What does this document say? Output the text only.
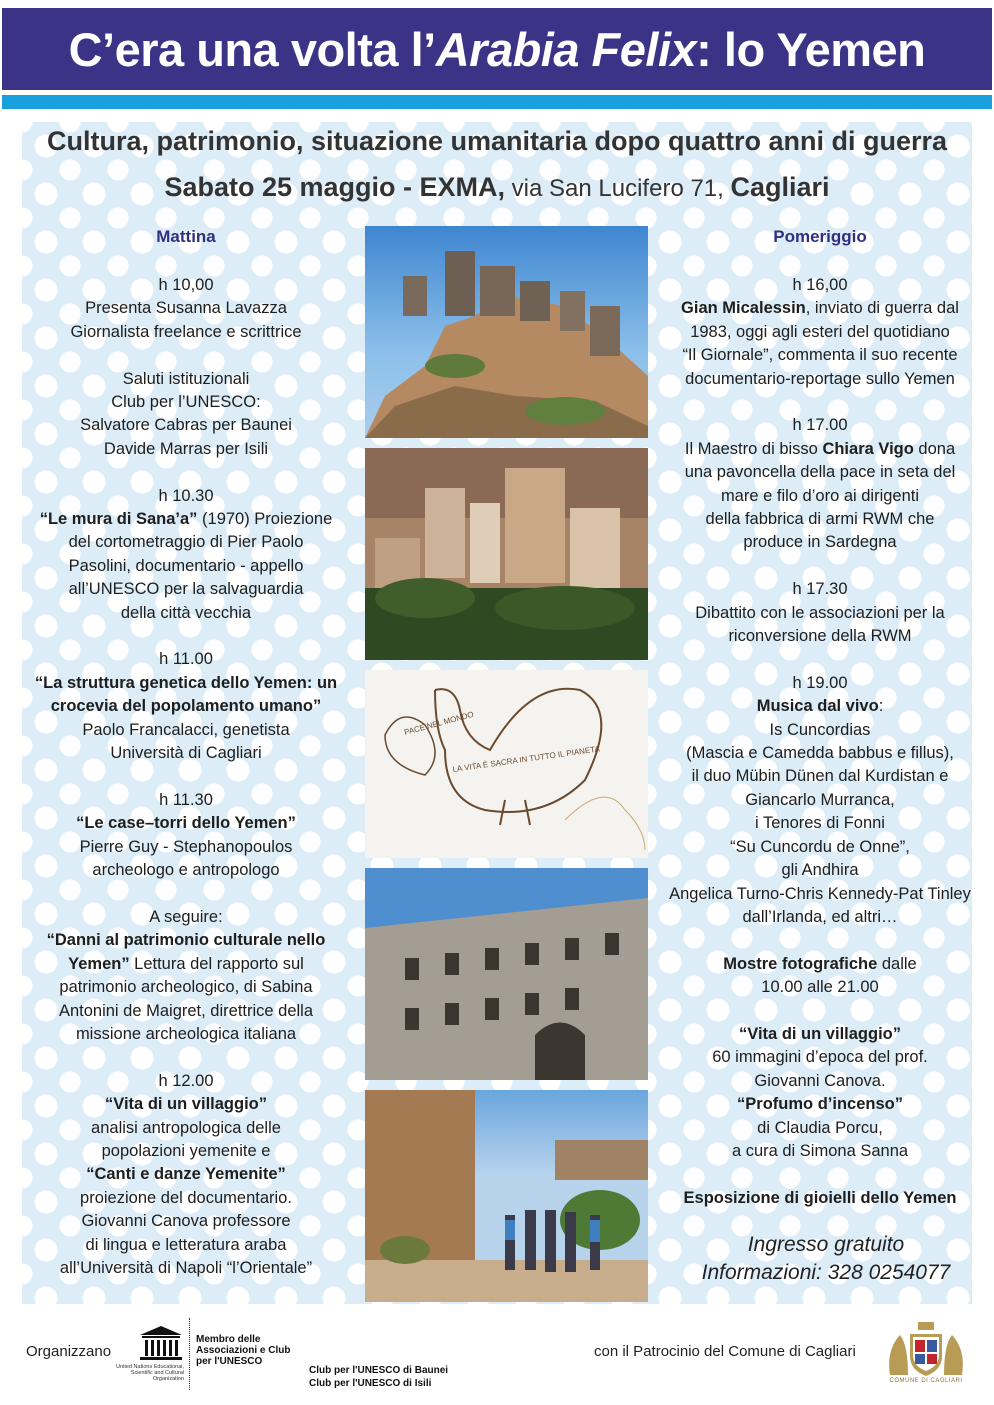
C’era una volta l’ Arabia Felix : lo Yemen
Cultura, patrimonio, situazione umanitaria dopo quattro anni di guerra
Sabato 25 maggio - EXMA, via San Lucifero 71, Cagliari
Mattina	Pomeriggio
h 10,00
Presenta Susanna Lavazza
Giornalista freelance e scrittrice
Saluti istituzionali
Club per l’UNESCO:
Salvatore Cabras per Baunei
Davide Marras per Isili
h 10.30
“Le mura di Sana’a” (1970) Proiezione
del cortometraggio di Pier Paolo
Pasolini, documentario - appello
all’UNESCO per la salvaguardia
della città vecchia
h 11.00
“La struttura genetica dello Yemen: un
crocevia del popolamento umano”
Paolo Francalacci, genetista
Università di Cagliari
h 11.30
“Le case–torri dello Yemen”
Pierre Guy - Stephanopoulos
archeologo e antropologo
A seguire:
“Danni al patrimonio culturale nello
Yemen” Lettura del rapporto sul
patrimonio archeologico, di Sabina
Antonini de Maigret, direttrice della
missione archeologica italiana
h 12.00
“Vita di un villaggio”
analisi antropologica delle
popolazioni yemenite e
“Canti e danze Yemenite”
proiezione del documentario.
Giovanni Canova professore
di lingua e letteratura araba
all’Università di Napoli “l’Orientale”
h 16,00
Gian Micalessin, inviato di guerra dal
1983, oggi agli esteri del quotidiano
“Il Giornale”, commenta il suo recente
documentario-reportage sullo Yemen
h 17.00
Il Maestro di bisso Chiara Vigo dona
una pavoncella della pace in seta del
mare e filo d’oro ai dirigenti
della fabbrica di armi RWM che
produce in Sardegna
h 17.30
Dibattito con le associazioni per la
riconversione della RWM
h 19.00
Musica dal vivo:
Is Cuncordias
(Mascia e Camedda babbus e fillus),
il duo Mübin Dünen dal Kurdistan e
Giancarlo Murranca,
i Tenores di Fonni
“Su Cuncordu de Onne”,
gli Andhira
Angelica Turno-Chris Kennedy-Pat Tinley
dall’Irlanda, ed altri…
Mostre fotografiche dalle
10.00 alle 21.00
“Vita di un villaggio”
60 immagini d’epoca del prof.
Giovanni Canova.
“Profumo d’incenso”
di Claudia Porcu,
a cura di Simona Sanna
Esposizione di gioielli dello Yemen
Ingresso gratuito
Informazioni: 328 0254077
PACE NEL MONDO
LA VITA È SACRA IN TUTTO IL PIANETA
Organizzano
United Nations Educational, Scientific and Cultural Organization
Membro delle
Associazioni e Club
per l'UNESCO
Club per l'UNESCO di Baunei
Club per l'UNESCO di Isili
con il Patrocinio del Comune di Cagliari
COMUNE DI CAGLIARI
